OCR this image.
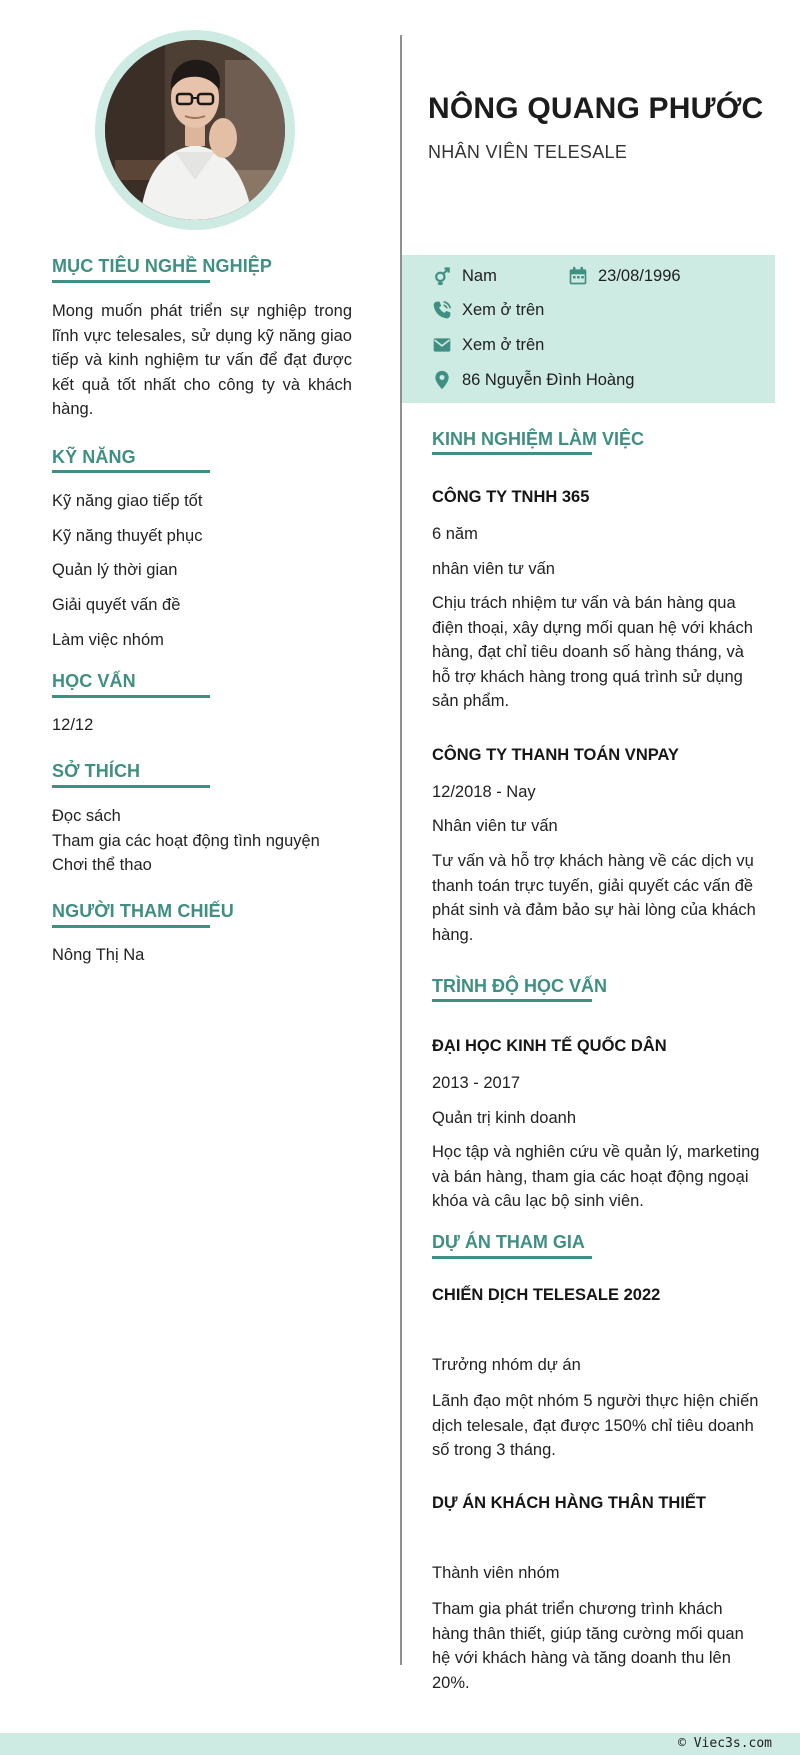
MỤC TIÊU NGHỀ NGHIỆP
Mong muốn phát triển sự nghiệp trong lĩnh vực telesales, sử dụng kỹ năng giao tiếp và kinh nghiệm tư vấn để đạt được kết quả tốt nhất cho công ty và khách hàng.
KỸ NĂNG
Kỹ năng giao tiếp tốt
Kỹ năng thuyết phục
Quản lý thời gian
Giải quyết vấn đề
Làm việc nhóm
HỌC VẤN
12/12
SỞ THÍCH
Đọc sách
Tham gia các hoạt động tình nguyện
Chơi thể thao
NGƯỜI THAM CHIẾU
Nông Thị Na
NÔNG QUANG PHƯỚC
NHÂN VIÊN TELESALE
Nam	23/08/1996
Xem ở trên
Xem ở trên
86 Nguyễn Đình Hoàng
KINH NGHIỆM LÀM VIỆC
CÔNG TY TNHH 365
6 năm
nhân viên tư vấn
Chịu trách nhiệm tư vấn và bán hàng qua điện thoại, xây dựng mối quan hệ với khách hàng, đạt chỉ tiêu doanh số hàng tháng, và hỗ trợ khách hàng trong quá trình sử dụng sản phẩm.
CÔNG TY THANH TOÁN VNPAY
12/2018 - Nay
Nhân viên tư vấn
Tư vấn và hỗ trợ khách hàng về các dịch vụ thanh toán trực tuyến, giải quyết các vấn đề phát sinh và đảm bảo sự hài lòng của khách hàng.
TRÌNH ĐỘ HỌC VẤN
ĐẠI HỌC KINH TẾ QUỐC DÂN
2013 - 2017
Quản trị kinh doanh
Học tập và nghiên cứu về quản lý, marketing và bán hàng, tham gia các hoạt động ngoại khóa và câu lạc bộ sinh viên.
DỰ ÁN THAM GIA
CHIẾN DỊCH TELESALE 2022
Trưởng nhóm dự án
Lãnh đạo một nhóm 5 người thực hiện chiến dịch telesale, đạt được 150% chỉ tiêu doanh số trong 3 tháng.
DỰ ÁN KHÁCH HÀNG THÂN THIẾT
Thành viên nhóm
Tham gia phát triển chương trình khách hàng thân thiết, giúp tăng cường mối quan hệ với khách hàng và tăng doanh thu lên 20%.
© Viec3s.com
